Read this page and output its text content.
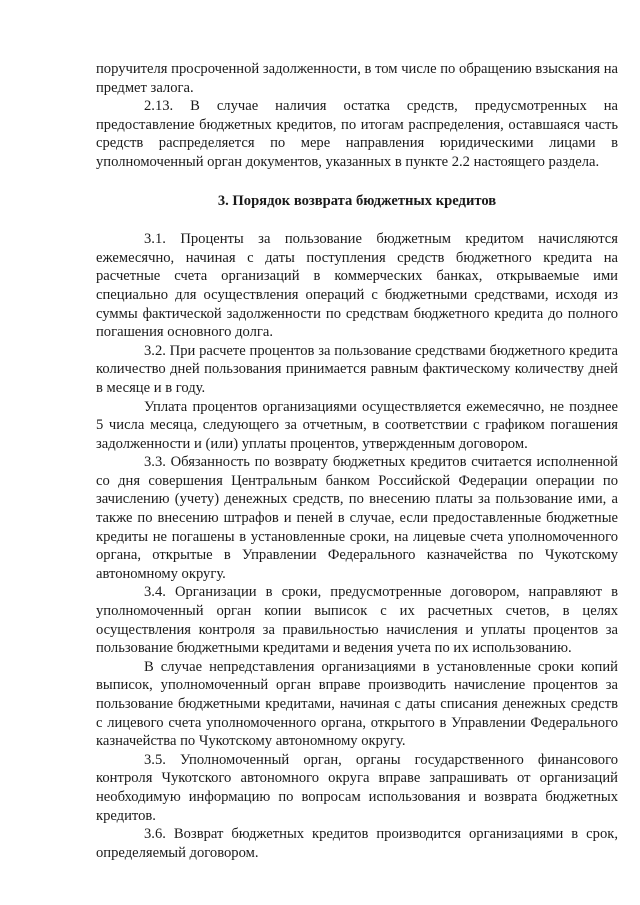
поручителя просроченной задолженности, в том числе по обращению взыскания на предмет залога.

2.13. В случае наличия остатка средств, предусмотренных на предоставление бюджетных кредитов, по итогам распределения, оставшаяся часть средств распределяется по мере направления юридическими лицами в уполномоченный орган документов, указанных в пункте 2.2 настоящего раздела.

3. Порядок возврата бюджетных кредитов

3.1. Проценты за пользование бюджетным кредитом начисляются ежемесячно, начиная с даты поступления средств бюджетного кредита на расчетные счета организаций в коммерческих банках, открываемые ими специально для осуществления операций с бюджетными средствами, исходя из суммы фактической задолженности по средствам бюджетного кредита до полного погашения основного долга.

3.2. При расчете процентов за пользование средствами бюджетного кредита количество дней пользования принимается равным фактическому количеству дней в месяце и в году.

Уплата процентов организациями осуществляется ежемесячно, не позднее 5 числа месяца, следующего за отчетным, в соответствии с графиком погашения задолженности и (или) уплаты процентов, утвержденным договором.

3.3. Обязанность по возврату бюджетных кредитов считается исполненной со дня совершения Центральным банком Российской Федерации операции по зачислению (учету) денежных средств, по внесению платы за пользование ими, а также по внесению штрафов и пеней в случае, если предоставленные бюджетные кредиты не погашены в установленные сроки, на лицевые счета уполномоченного органа, открытые в Управлении Федерального казначейства по Чукотскому автономному округу.

3.4. Организации в сроки, предусмотренные договором, направляют в уполномоченный орган копии выписок с их расчетных счетов, в целях осуществления контроля за правильностью начисления и уплаты процентов за пользование бюджетными кредитами и ведения учета по их использованию.

В случае непредставления организациями в установленные сроки копий выписок, уполномоченный орган вправе производить начисление процентов за пользование бюджетными кредитами, начиная с даты списания денежных средств с лицевого счета уполномоченного органа, открытого в Управлении Федерального казначейства по Чукотскому автономному округу.

3.5. Уполномоченный орган, органы государственного финансового контроля Чукотского автономного округа вправе запрашивать от организаций необходимую информацию по вопросам использования и возврата бюджетных кредитов.

3.6. Возврат бюджетных кредитов производится организациями в срок, определяемый договором.
